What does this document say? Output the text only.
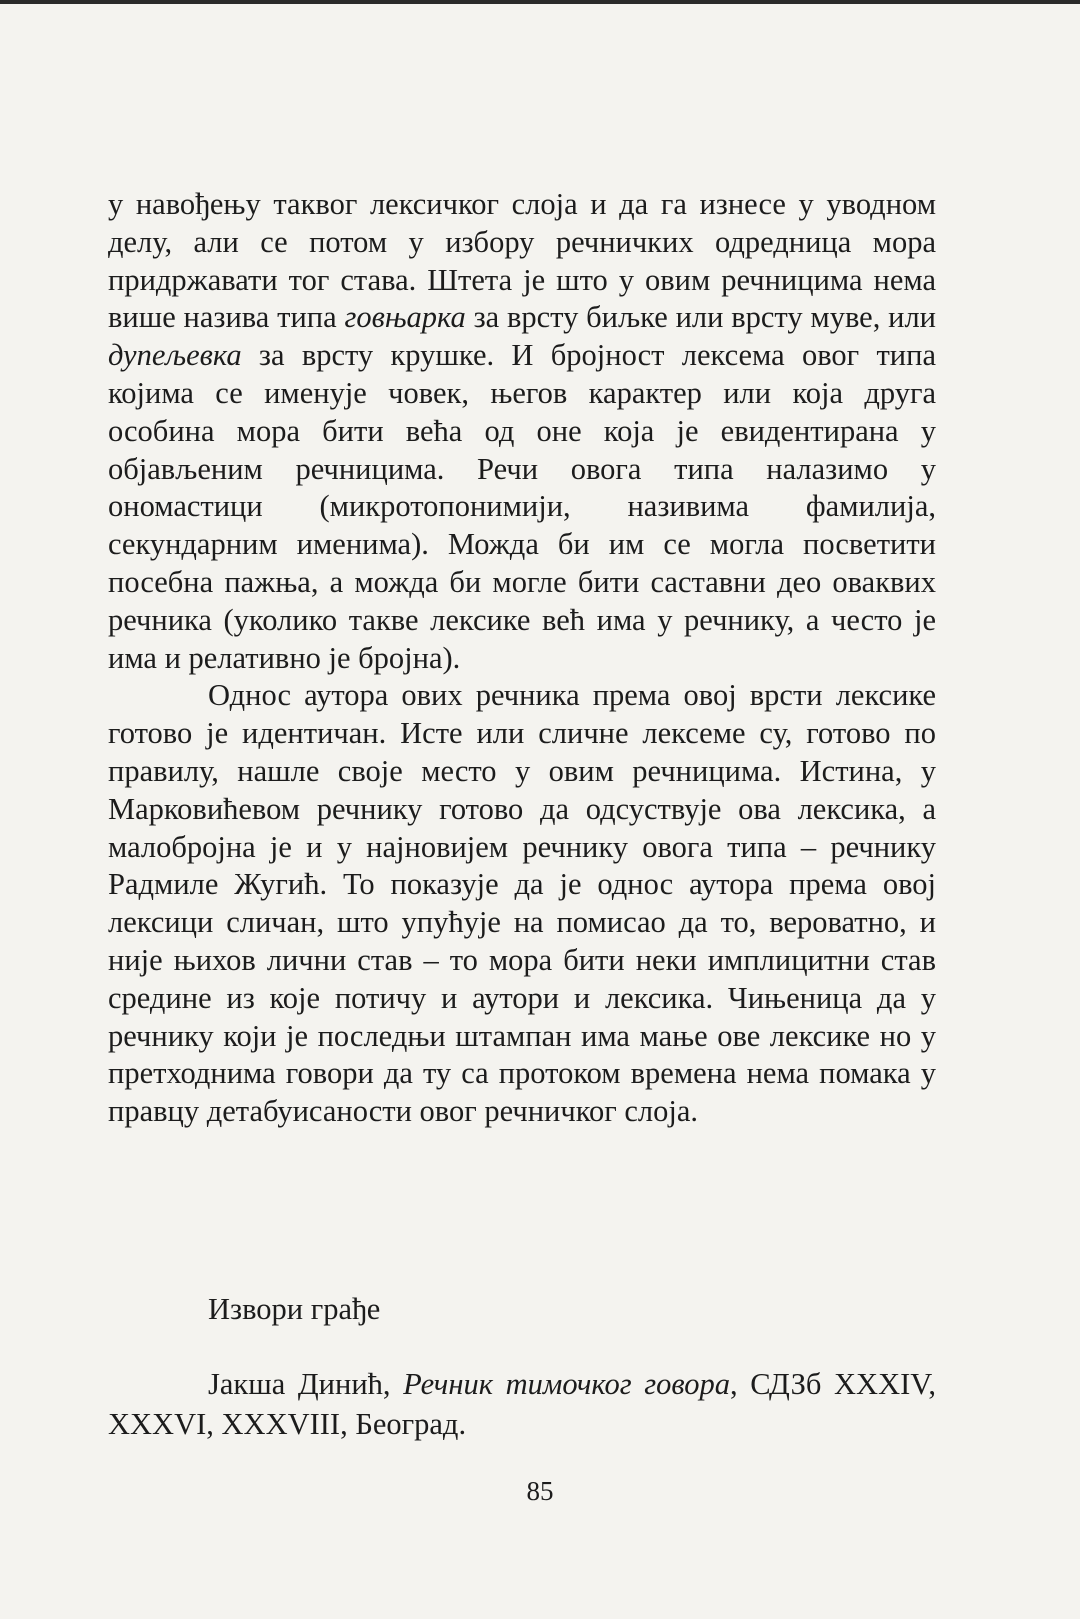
у навођењу таквог лексичког слоја и да га изнесе у уводном делу, али се потом у избору речничких одредница мора придржавати тог става. Штета је што у овим речницима нема више назива типа говњарка за врсту биљке или врсту муве, или дупељевка за врсту крушке. И бројност лексема овог типа којима се именује човек, његов карактер или која друга особина мора бити већа од оне која је евидентирана у објављеним речницима. Речи овога типа налазимо у ономастици (микротопонимији, називима фамилија, секундарним именима). Можда би им се могла посветити посебна пажња, а можда би могле бити саставни део оваквих речника (уколико такве лексике већ има у речнику, а често је има и релативно је бројна).

Однос аутора ових речника према овој врсти лексике готово је идентичан. Исте или сличне лексеме су, готово по правилу, нашле своје место у овим речницима. Истина, у Марковићевом речнику готово да одсуствује ова лексика, а малобројна је и у најновијем речнику овога типа – речнику Радмиле Жугић. То показује да је однос аутора према овој лексици сличан, што упућује на помисао да то, вероватно, и није њихов лични став – то мора бити неки имплицитни став средине из које потичу и аутори и лексика. Чињеница да у речнику који је последњи штампан има мање ове лексике но у претходнима говори да ту са протоком времена нема помака у правцу детабуисаности овог речничког слоја.

Извори грађе
Јакша Динић, Речник тимочког говора, СДЗб XXXIV, XXXVI, XXXVIII, Београд.
85
